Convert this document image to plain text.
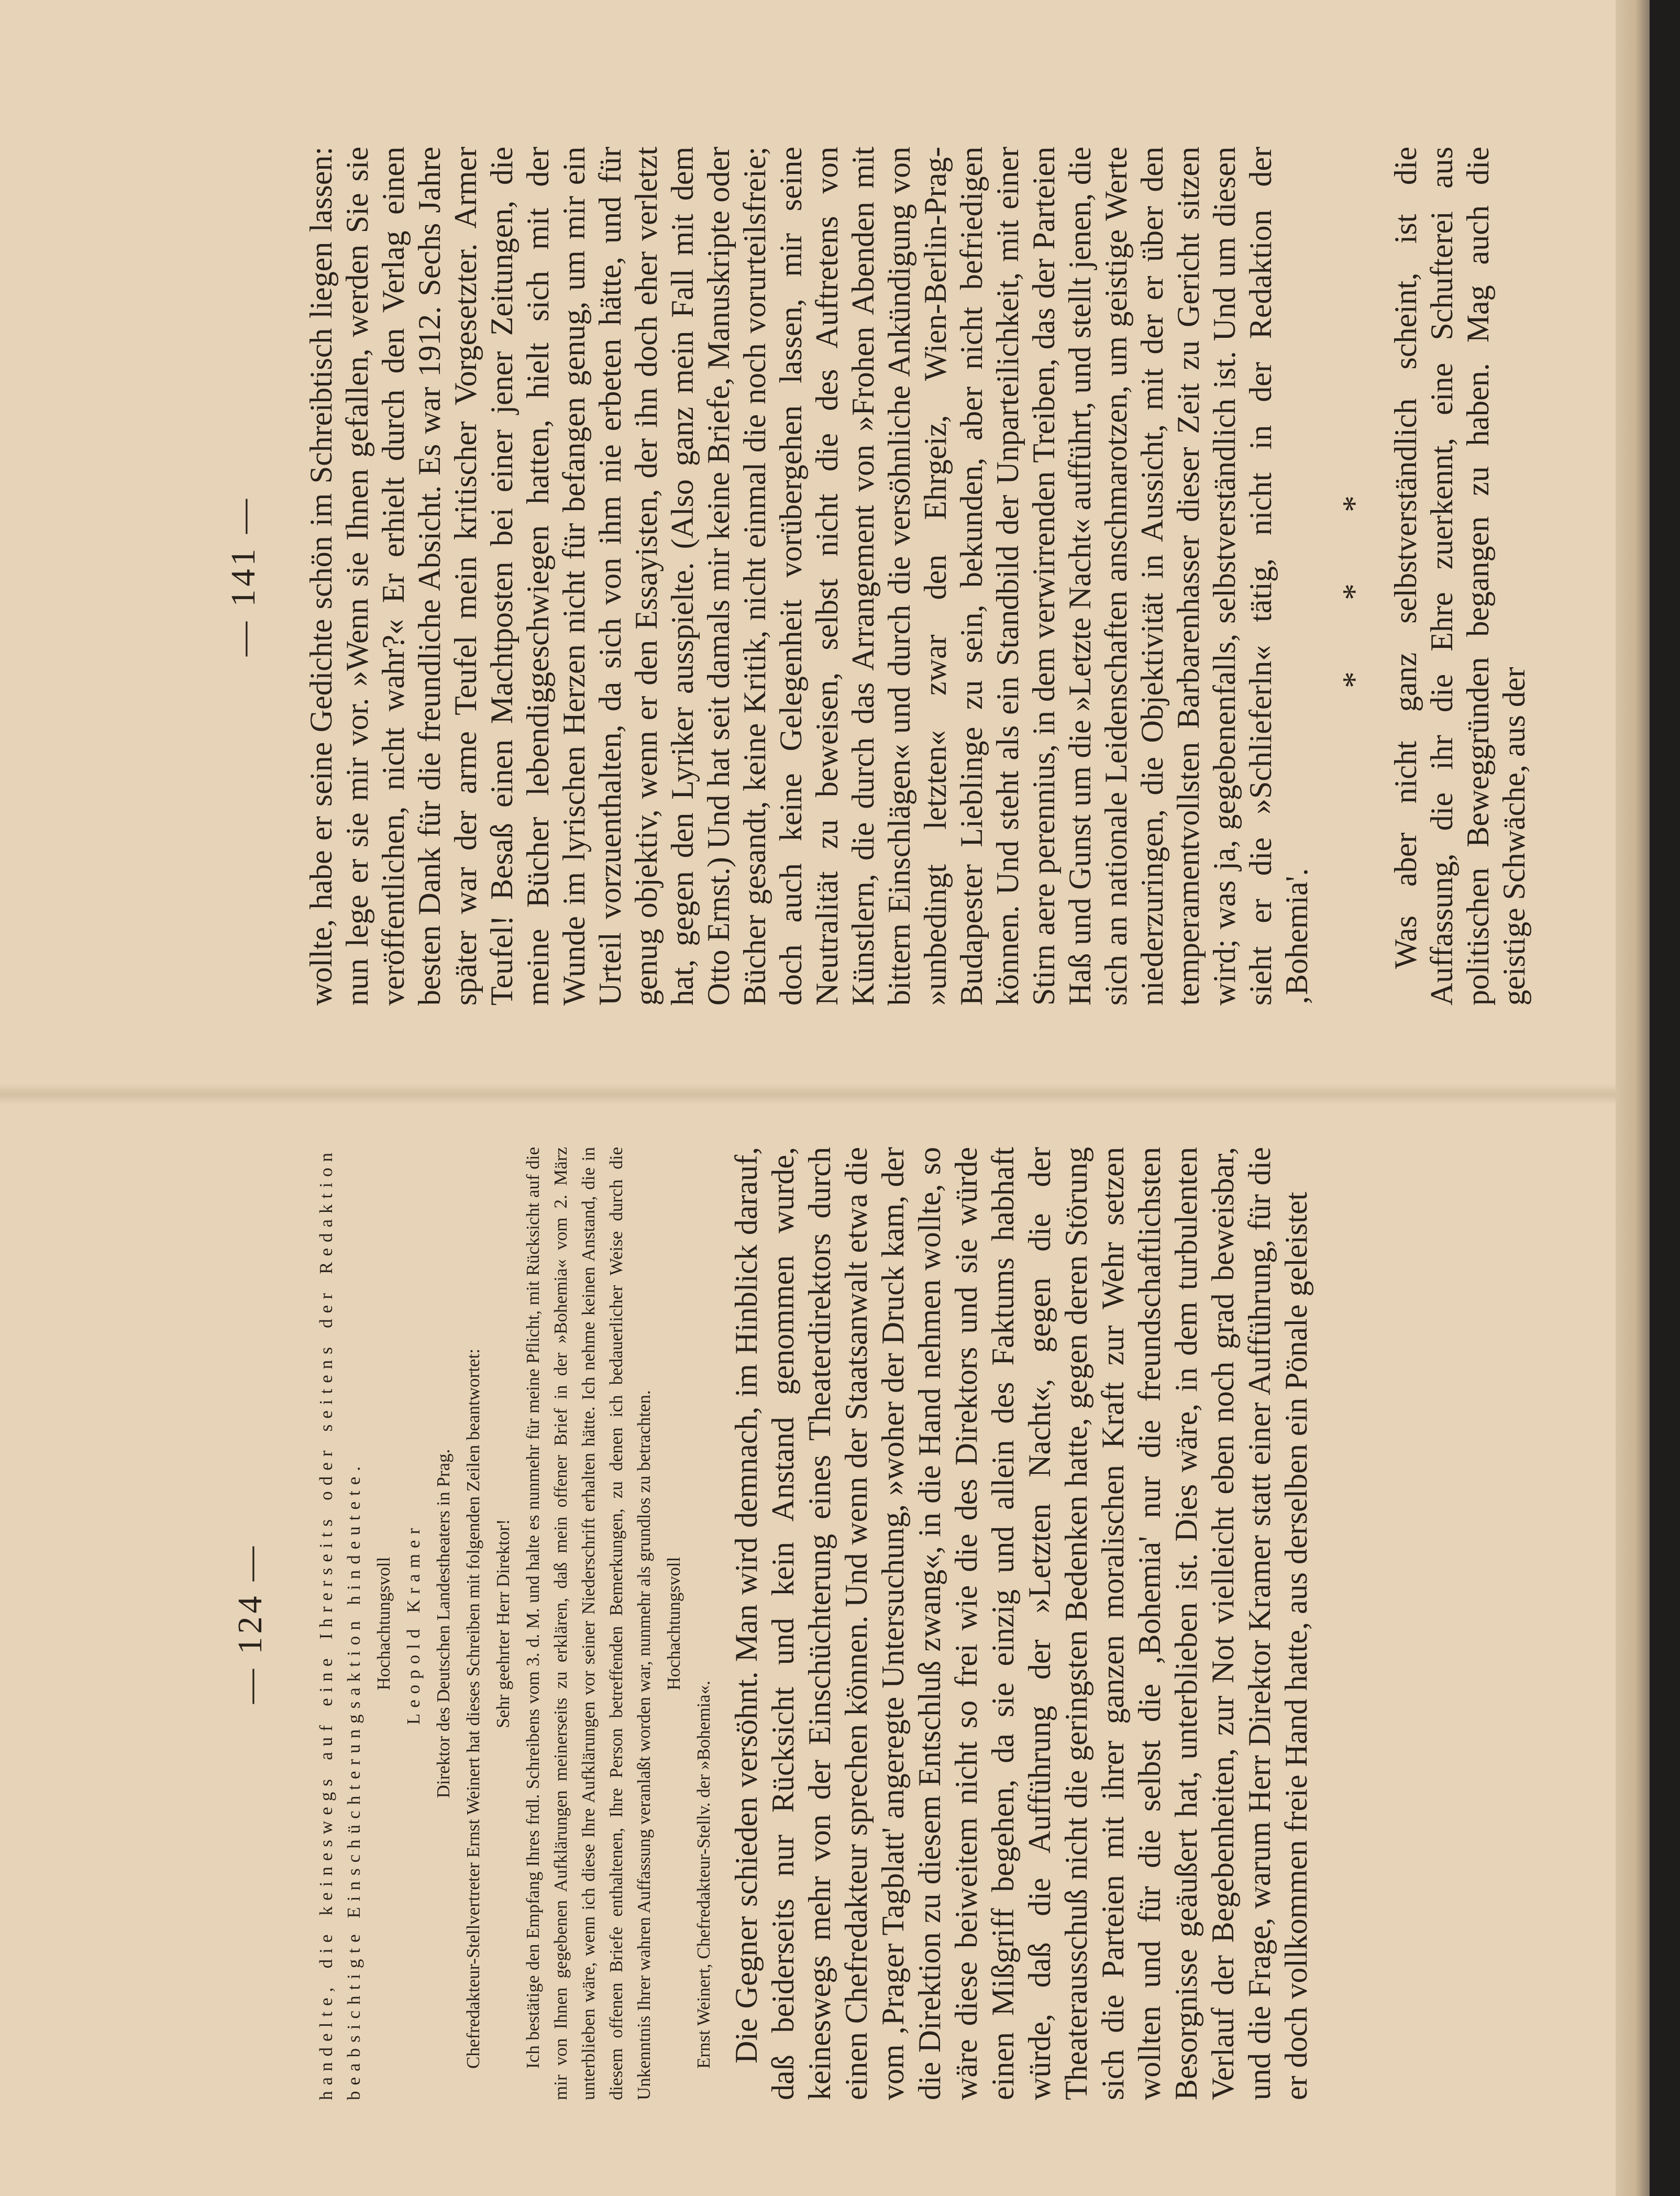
— 141 — wollte, habe er seine Gedichte schön im Schreibtisch liegen lassen: nun lege er sie mir vor. »Wenn sie Ihnen gefallen, werden Sie sie veröffentlichen, nicht wahr?« Er erhielt durch den Verlag einen besten Dank für die freundliche Absicht. Es war 1912. Sechs Jahre später war der arme Teufel mein kritischer Vorgesetzter. Armer Teufel! Besaß einen Machtposten bei einer jener Zeitungen, die meine Bücher lebendiggeschwiegen hatten, hielt sich mit der Wunde im lyrischen Herzen nicht für befangen genug, um mir ein Urteil vorzuenthalten, da sich von ihm nie erbeten hätte, und für genug objektiv, wenn er den Essayisten, der ihn doch eher verletzt hat, gegen den Lyriker ausspielte. (Also ganz mein Fall mit dem Otto Ernst.) Und hat seit damals mir keine Briefe, Manuskripte oder Bücher gesandt, keine Kritik, nicht einmal die noch vorurteilsfreie; doch auch keine Gelegenheit vorübergehen lassen, mir seine Neutralität zu beweisen, selbst nicht die des Auftretens von Künstlern, die durch das Arrangement von »Frohen Abenden mit bittern Einschlägen« und durch die versöhnliche Ankündigung von »unbedingt letzten« zwar den Ehrgeiz, Wien-Berlin-Prag-Budapester Lieblinge zu sein, bekunden, aber nicht befriedigen können. Und steht als ein Standbild der Unparteilichkeit, mit einer Stirn aere perennius, in dem verwirrenden Treiben, das der Parteien Haß und Gunst um die »Letzte Nacht« aufführt, und stellt jenen, die sich an nationale Leidenschaften anschmarotzen, um geistige Werte niederzuringen, die Objektivität in Aussicht, mit der er über den temperamentvollsten Barbarenhasser dieser Zeit zu Gericht sitzen wird; was ja, gegebenenfalls, selbstverständlich ist. Und um diesen sieht er die »Schlieferln« tätig, nicht in der Redaktion der ‚Bohemia'.

* * * Was aber nicht ganz selbstverständlich scheint, ist die Auffassung, die ihr die Ehre zuerkennt, eine Schufterei aus politischen Beweggründen begangen zu haben. Mag auch die geistige Schwäche, aus der

— 124 —	handelte, die keineswegs auf eine Ihrerseits oder seitens der Redaktion beabsichtigte Einschüchterungsaktion hindeutete. Hochachtungsvoll Leopold Kramer Direktor des Deutschen Landestheaters in Prag. Chefredakteur-Stellvertreter Ernst Weinert hat dieses Schreiben mit folgenden Zeilen beantwortet: Sehr geehrter Herr Direktor! Ich bestätige den Empfang Ihres frdl. Schreibens vom 3. d. M. und halte es nunmehr für meine Pflicht, mit Rücksicht auf die mir von Ihnen gegebenen Aufklärungen meinerseits zu erklären, daß mein offener Brief in der »Bohemia« vom 2. März unterblieben wäre, wenn ich diese Ihre Aufklärungen vor seiner Niederschrift erhalten hätte. Ich nehme keinen Anstand, die in diesem offenen Briefe enthaltenen, Ihre Person betreffenden Bemerkungen, zu denen ich bedauerlicher Weise durch die Unkenntnis Ihrer wahren Auffassung veranlaßt worden war, nunmehr als grundlos zu betrachten. Hochachtungsvoll

Ernst Weinert, Chefredakteur-Stellv. der »Bohemia«. Die Gegner schieden versöhnt. Man wird demnach, im Hinblick darauf, daß beiderseits nur Rücksicht und kein Anstand genommen wurde, keineswegs mehr von der Einschüchterung eines Theaterdirektors durch einen Chefredakteur sprechen können. Und wenn der Staatsanwalt etwa die vom ‚Prager Tagblatt' angeregte Untersuchung, »woher der Druck kam, der die Direktion zu diesem Entschluß zwang«, in die Hand nehmen wollte, so wäre diese beiweitem nicht so frei wie die des Direktors und sie würde einen Mißgriff begehen, da sie einzig und allein des Faktums habhaft würde, daß die Aufführung der »Letzten Nacht«, gegen die der Theaterausschuß nicht die geringsten Bedenken hatte, gegen deren Störung sich die Parteien mit ihrer ganzen moralischen Kraft zur Wehr setzen wollten und für die selbst die ‚Bohemia' nur die freundschaftlichsten Besorgnisse geäußert hat, unterblieben ist. Dies wäre, in dem turbulenten Verlauf der Begebenheiten, zur Not vielleicht eben noch grad beweisbar, und die Frage, warum Herr Direktor Kramer statt einer Aufführung, für die er doch vollkommen freie Hand hatte, aus derselben ein Pönale geleistet
